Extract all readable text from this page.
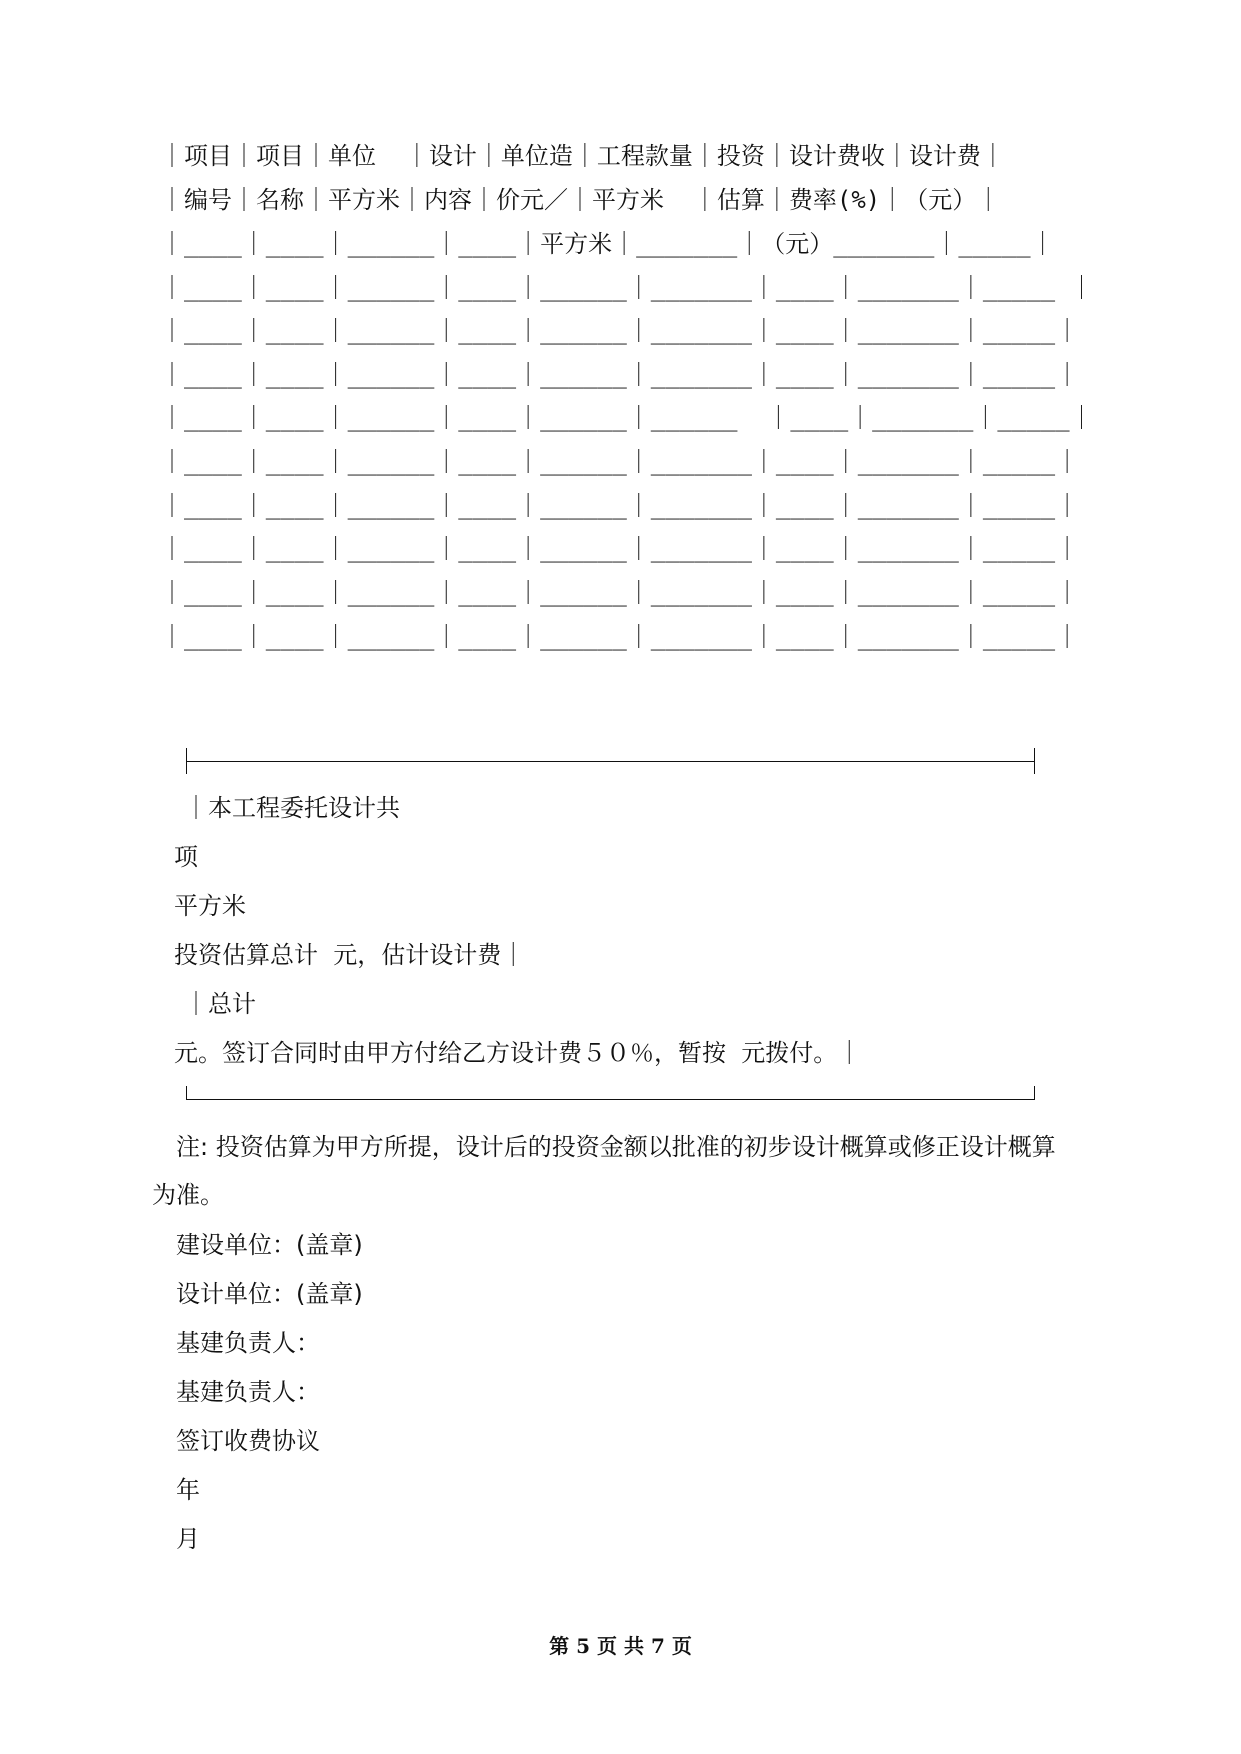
｜项目｜项目｜单位  ｜设计｜单位造｜工程款量｜投资｜设计费收｜设计费｜
｜编号｜名称｜平方米｜内容｜价元／｜平方米  ｜估算｜费率(%)｜（元）｜
｜____｜____｜______｜____｜平方米｜_______｜（元）_______｜_____｜
｜____｜____｜______｜____｜______｜_______｜____｜_______｜_____ ｜
｜____｜____｜______｜____｜______｜_______｜____｜_______｜_____｜
｜____｜____｜______｜____｜______｜_______｜____｜_______｜_____｜
｜____｜____｜______｜____｜______｜______  ｜____｜_______｜_____｜
｜____｜____｜______｜____｜______｜_______｜____｜_______｜_____｜
｜____｜____｜______｜____｜______｜_______｜____｜_______｜_____｜
｜____｜____｜______｜____｜______｜_______｜____｜_______｜_____｜
｜____｜____｜______｜____｜______｜_______｜____｜_______｜_____｜
｜____｜____｜______｜____｜______｜_______｜____｜_______｜_____｜
｜本工程委托设计共
项
平方米
投资估算总计  元，估计设计费｜
｜总计
元。签订合同时由甲方付给乙方设计费５０％，暂按  元拨付。｜
注: 投资估算为甲方所提，设计后的投资金额以批准的初步设计概算或修正设计概算
为准。
建设单位：(盖章)
设计单位：(盖章)
基建负责人：
基建负责人：
签订收费协议
年
月
第 5 页 共 7 页
